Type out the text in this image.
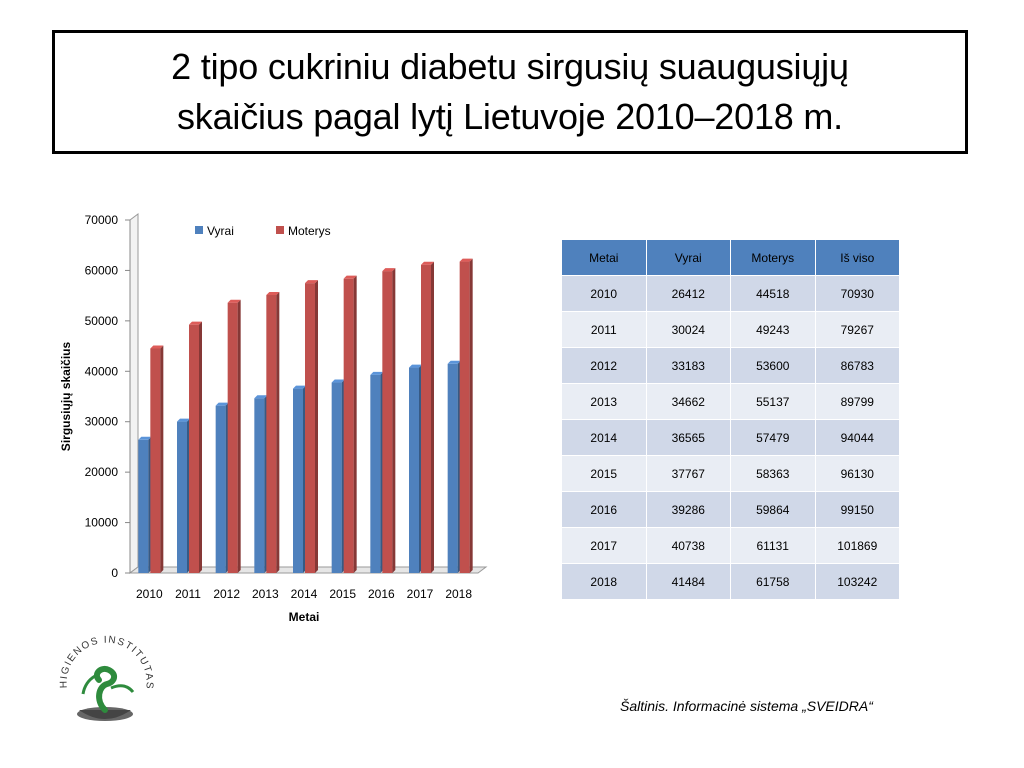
2 tipo cukriniu diabetu sirgusių suaugusiųjų
skaičius pagal lytį Lietuvoje 2010–2018 m.
0
10000
20000
30000
40000
50000
60000
70000
Sirgusiųjų skaičius
2010 2011 2012 2013 2014 2015 2016 2017 2018
Metai
Vyrai	Moterys
Metai	Vyrai	Moterys	Iš viso
2010	26412	44518	70930
2011	30024	49243	79267
2012	33183	53600	86783
2013	34662	55137	89799
2014	36565	57479	94044
2015	37767	58363	96130
2016	39286	59864	99150
2017	40738	61131	101869
2018	41484	61758	103242
HIGIENOS INSTITUTAS
Šaltinis. Informacinė sistema „SVEIDRA“
